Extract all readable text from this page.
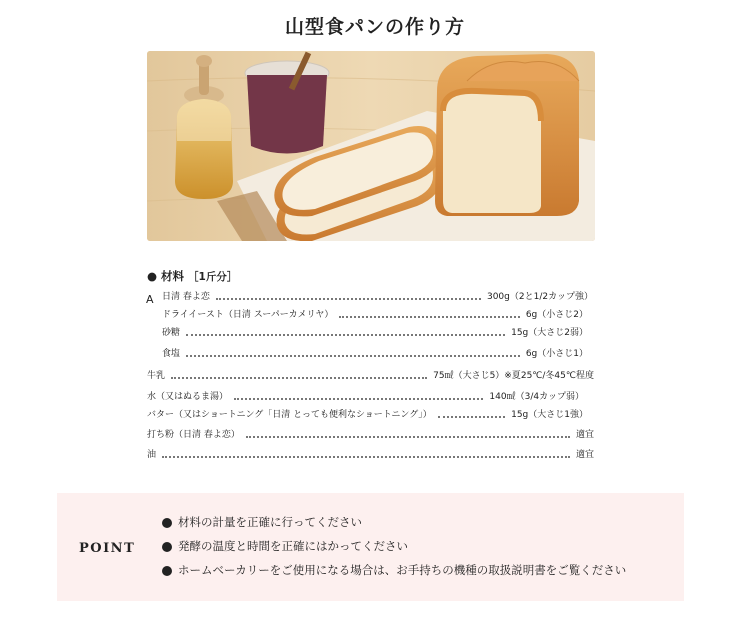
山型食パンの作り方
● 材料 ［1斤分］
A 日清 春よ恋	300g（2と1/2カップ強）
ドライイースト（日清 スーパーカメリヤ）	6g（小さじ2）
砂糖	15g（大さじ2弱）
食塩	6g（小さじ1）
牛乳	75㎖（大さじ5）※夏25℃/冬45℃程度
水（又はぬるま湯）	140㎖（3/4カップ弱）
バター（又はショートニング「日清 とっても便利なショートニング」）	15g（大さじ1強）
打ち粉（日清 春よ恋）	適宜
油	適宜
POINT
材料の計量を正確に行ってください
発酵の温度と時間を正確にはかってください
ホームベーカリーをご使用になる場合は、お手持ちの機種の取扱説明書をご覧ください
